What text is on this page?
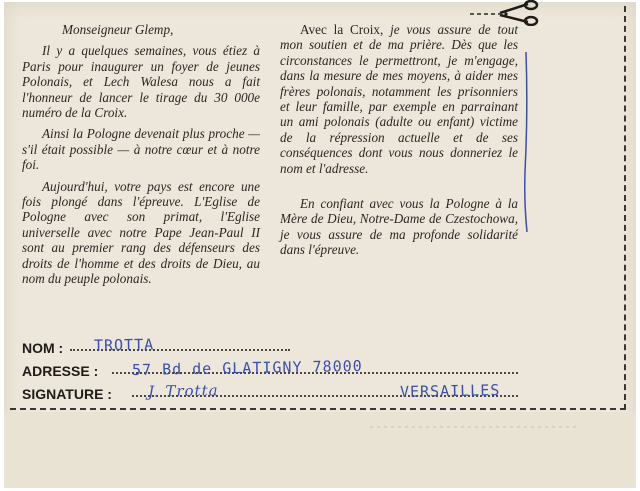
Monseigneur Glemp,

Il y a quelques semaines, vous étiez à Paris pour inaugurer un foyer de jeunes Polonais, et Lech Walesa nous a fait l'honneur de lancer le tirage du 30 000e numéro de la Croix.

Ainsi la Pologne devenait plus proche — s'il était possible — à notre cœur et à notre foi.

Aujourd'hui, votre pays est encore une fois plongé dans l'épreuve. L'Eglise de Pologne avec son primat, l'Eglise universelle avec notre Pape Jean-Paul II sont au premier rang des défenseurs des droits de l'homme et des droits de Dieu, au nom du peuple polonais.

Avec la Croix, je vous assure de tout mon soutien et de ma prière. Dès que les circonstances le permettront, je m'engage, dans la mesure de mes moyens, à aider mes frères polonais, notamment les prisonniers et leur famille, par exemple en parrainant un ami polonais (adulte ou enfant) victime de la répression actuelle et de ses conséquences dont vous nous donneriez le nom et l'adresse.

En confiant avec vous la Pologne à la Mère de Dieu, Notre-Dame de Czestochowa, je vous assure de ma profonde solidarité dans l'épreuve.

NOM : TROTTA
ADRESSE : 57 Bd de GLATIGNY 78000
SIGNATURE : J. Trotta	VERSAILLES
